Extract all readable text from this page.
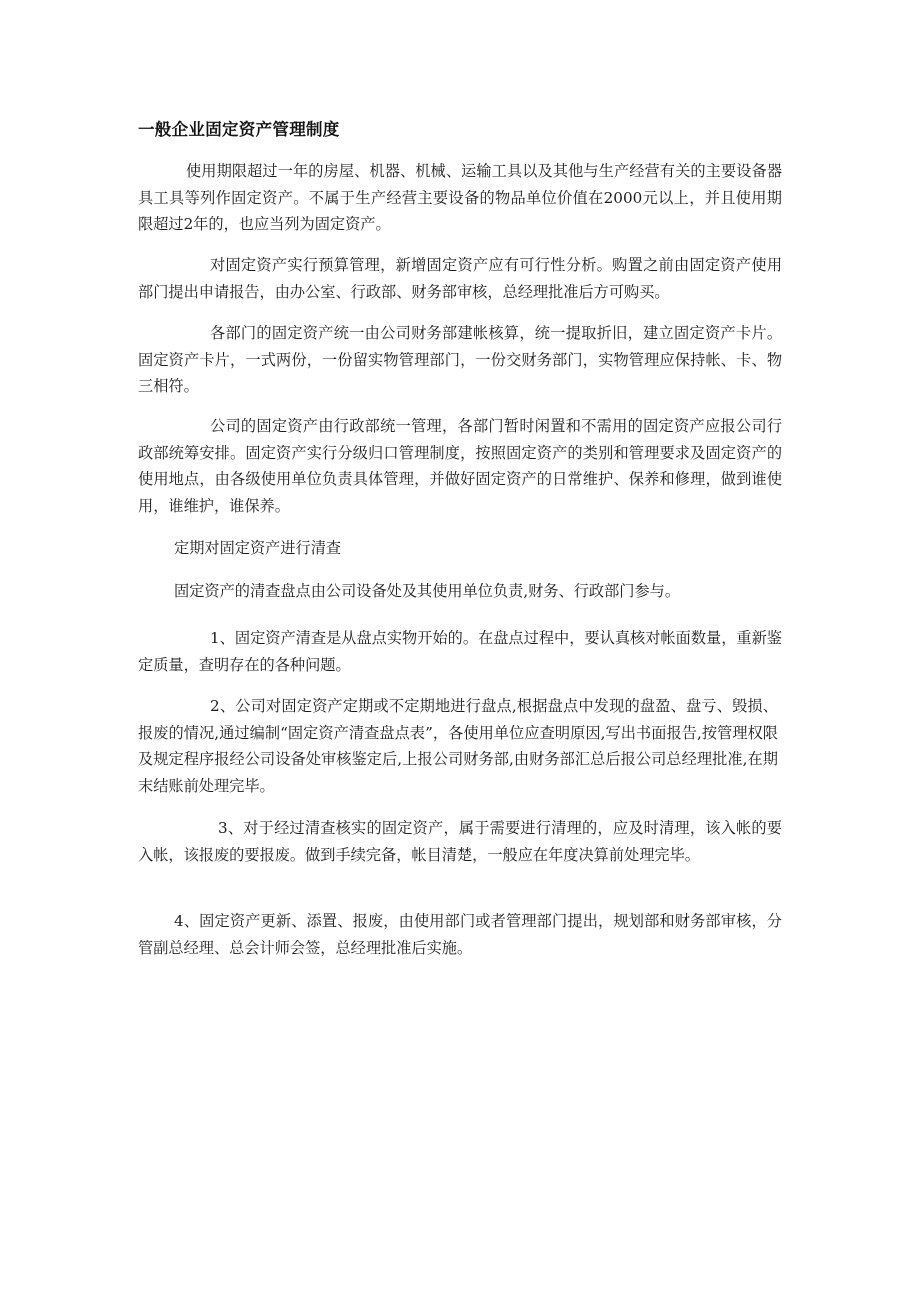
一般企业固定资产管理制度

使用期限超过一年的房屋、机器、机械、运输工具以及其他与生产经营有关的主要设备器具工具等列作固定资产。不属于生产经营主要设备的物品单位价值在2000元以上，并且使用期限超过2年的，也应当列为固定资产。

对固定资产实行预算管理，新增固定资产应有可行性分析。购置之前由固定资产使用部门提出申请报告，由办公室、行政部、财务部审核，总经理批准后方可购买。

各部门的固定资产统一由公司财务部建帐核算，统一提取折旧，建立固定资产卡片。固定资产卡片，一式两份，一份留实物管理部门，一份交财务部门，实物管理应保持帐、卡、物三相符。

公司的固定资产由行政部统一管理，各部门暂时闲置和不需用的固定资产应报公司行政部统筹安排。固定资产实行分级归口管理制度，按照固定资产的类别和管理要求及固定资产的使用地点，由各级使用单位负责具体管理，并做好固定资产的日常维护、保养和修理，做到谁使用，谁维护，谁保养。

定期对固定资产进行清查

固定资产的清查盘点由公司设备处及其使用单位负责,财务、行政部门参与。

1、固定资产清查是从盘点实物开始的。在盘点过程中，要认真核对帐面数量，重新鉴定质量，查明存在的各种问题。

2、公司对固定资产定期或不定期地进行盘点,根据盘点中发现的盘盈、盘亏、毁损、报废的情况,通过编制“固定资产清查盘点表”，各使用单位应查明原因,写出书面报告,按管理权限及规定程序报经公司设备处审核鉴定后,上报公司财务部,由财务部汇总后报公司总经理批准,在期末结账前处理完毕。

3、对于经过清查核实的固定资产，属于需要进行清理的，应及时清理，该入帐的要入帐，该报废的要报废。做到手续完备，帐目清楚，一般应在年度决算前处理完毕。

4、固定资产更新、添置、报废，由使用部门或者管理部门提出，规划部和财务部审核，分管副总经理、总会计师会签，总经理批准后实施。
